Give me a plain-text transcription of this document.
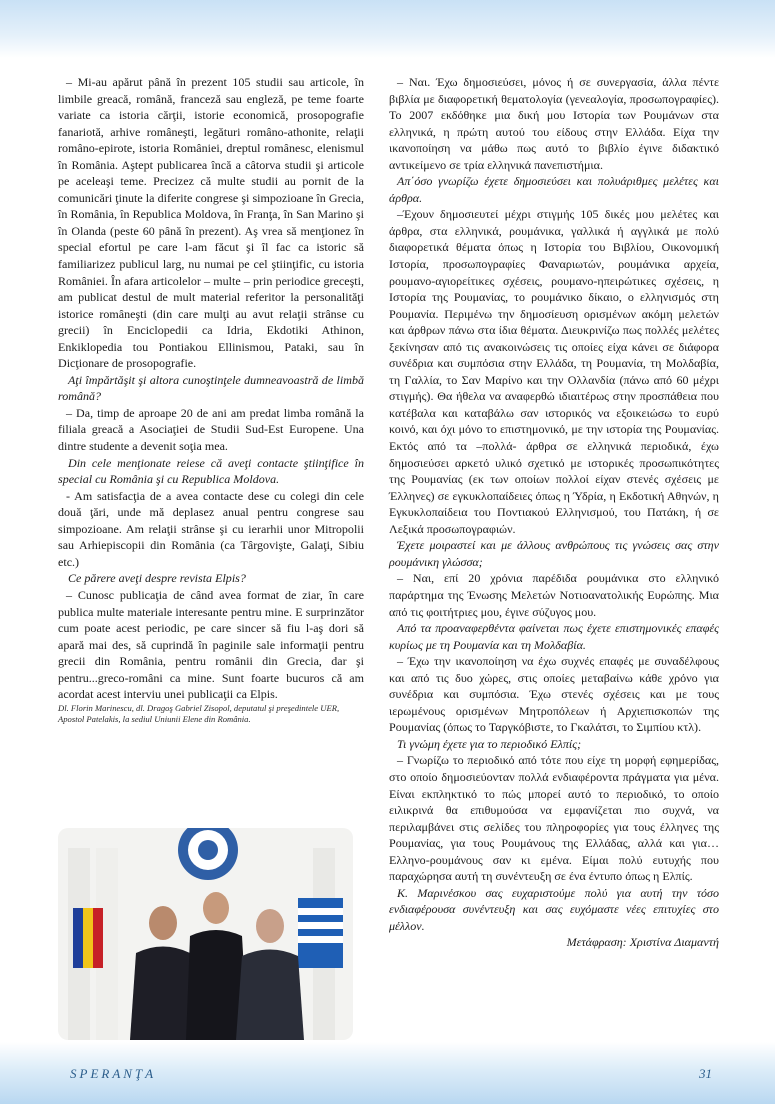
– Mi-au apărut până în prezent 105 studii sau articole, în limbile greacă, română, franceză sau engleză, pe teme foarte variate ca istoria cărţii, istorie economică, prosopografie fanariotă, arhive româneşti, legături româno-athonite, relaţii româno-epirote, istoria României, dreptul românesc, elenismul în România. Aştept publicarea încă a câtorva studii şi articole pe aceleaşi teme. Precizez că multe studii au pornit de la comunicări ţinute la diferite congrese şi simpozioane în Grecia, în România, în Republica Moldova, în Franţa, în San Marino şi în Olanda (peste 60 până în prezent). Aş vrea să menţionez în special efortul pe care l-am făcut şi îl fac ca istoric să familiarizez publicul larg, nu numai pe cel ştiinţific, cu istoria României. În afara articolelor – multe – prin periodice greceşti, am publicat destul de mult material referitor la personalităţi istorice româneşti (din care mulţi au avut relaţii strânse cu grecii) în Enciclopedii ca Idria, Ekdotiki Athinon, Enkiklopedia tou Pontiakou Ellinismou, Pataki, sau în Dicţionare de prosopografie.

Aţi împărtăşit şi altora cunoştinţele dumneavoastră de limbă română?

– Da, timp de aproape 20 de ani am predat limba română la filiala greacă a Asociaţiei de Studii Sud-Est Europene. Una dintre studente a devenit soţia mea.

Din cele menţionate reiese că aveţi contacte ştiinţifice în special cu România şi cu Republica Moldova.

- Am satisfacţia de a avea contacte dese cu colegi din cele două ţări, unde mă deplasez anual pentru congrese sau simpozioane. Am relaţii strânse şi cu ierarhii unor Mitropolii sau Arhiepiscopii din România (ca Târgovişte, Galaţi, Sibiu etc.)

Ce părere aveţi despre revista Elpis?

– Cunosc publicaţia de când avea format de ziar, în care publica multe materiale interesante pentru mine. E surprinzător cum poate acest periodic, pe care sincer să fiu l-aş dori să apară mai des, să cuprindă în paginile sale informaţii pentru grecii din România, pentru românii din Grecia, dar şi pentru...greco-români ca mine. Sunt foarte bucuros că am acordat acest interviu unei publicaţii ca Elpis.

Dl. Florin Marinescu, dl. Dragoş Gabriel Zisopol, deputatul şi preşedintele UER, Apostol Patelakis, la sediul Uniunii Elene din România.

– Ναι. Έχω δημοσιεύσει, μόνος ή σε συνεργασία, άλλα πέντε βιβλία με διαφορετική θεματολογία (γενεαλογία, προσωπογραφίες). Το 2007 εκδόθηκε μια δική μου Ιστορία των Ρουμάνων στα ελληνικά, η πρώτη αυτού του είδους στην Ελλάδα. Είχα την ικανοποίηση να μάθω πως αυτό το βιβλίο έγινε διδακτικό αντικείμενο σε τρία ελληνικά πανεπιστήμια.

Απ΄όσο γνωρίζω έχετε δημοσιεύσει και πολυάριθμες μελέτες και άρθρα.

–Έχουν δημοσιευτεί μέχρι στιγμής 105 δικές μου μελέτες και άρθρα, στα ελληνικά, ρουμάνικα, γαλλικά ή αγγλικά με πολύ διαφορετικά θέματα όπως η Ιστορία του Βιβλίου, Οικονομική Ιστορία, προσωπογραφίες Φαναριωτών, ρουμάνικα αρχεία, ρουμανο-αγιορείτικες σχέσεις, ρουμανο-ηπειρώτικες σχέσεις, η Ιστορία της Ρουμανίας, το ρουμάνικο δίκαιο, ο ελληνισμός στη Ρουμανία. Περιμένω την δημοσίευση ορισμένων ακόμη μελετών και άρθρων πάνω στα ίδια θέματα. Διευκρινίζω πως πολλές μελέτες ξεκίνησαν από τις ανακοινώσεις τις οποίες είχα κάνει σε διάφορα συνέδρια και συμπόσια στην Ελλάδα, τη Ρουμανία, τη Μολδαβία, τη Γαλλία, το Σαν Μαρίνο και την Ολλανδία (πάνω από 60 μέχρι στιγμής). Θα ήθελα να αναφερθώ ιδιαιτέρως στην προσπάθεια που κατέβαλα και καταβάλω σαν ιστορικός να εξοικειώσω το ευρύ κοινό, και όχι μόνο το επιστημονικό, με την ιστορία της Ρουμανίας. Εκτός από τα –πολλά- άρθρα σε ελληνικά περιοδικά, έχω δημοσιεύσει αρκετό υλικό σχετικό με ιστορικές προσωπικότητες της Ρουμανίας (εκ των οποίων πολλοί είχαν στενές σχέσεις με Έλληνες) σε εγκυκλοπαίδειες όπως η Ύδρία, η Εκδοτική Αθηνών, η Εγκυκλοπαίδεια του Ποντιακού Ελληνισμού, του Πατάκη, ή σε Λεξικά προσωπογραφιών.

Έχετε μοιραστεί και με άλλους ανθρώπους τις γνώσεις σας στην ρουμάνικη γλώσσα;

– Ναι, επί 20 χρόνια παρέδιδα ρουμάνικα στο ελληνικό παράρτημα της Ένωσης Μελετών Νοτιοανατολικής Ευρώπης. Μια από τις φοιτήτριες μου, έγινε σύζυγος μου.

Από τα προαναφερθέντα φαίνεται πως έχετε επιστημονικές επαφές κυρίως με τη Ρουμανία και τη Μολδαβία.

– Έχω την ικανοποίηση να έχω συχνές επαφές με συναδέλφους και από τις δυο χώρες, στις οποίες μεταβαίνω κάθε χρόνο για συνέδρια και συμπόσια. Έχω στενές σχέσεις και με τους ιερωμένους ορισμένων Μητροπόλεων ή Αρχιεπισκοπών της Ρουμανίας (όπως το Ταργκόβιστε, το Γκαλάτσι, το Σιμπίου κτλ).

Τι γνώμη έχετε για το περιοδικό Ελπίς;

– Γνωρίζω το περιοδικό από τότε που είχε τη μορφή εφημερίδας, στο οποίο δημοσιεύονταν πολλά ενδιαφέροντα πράγματα για μένα. Είναι εκπληκτικό το πώς μπορεί αυτό το περιοδικό, το οποίο ειλικρινά θα επιθυμούσα να εμφανίζεται πιο συχνά, να περιλαμβάνει στις σελίδες του πληροφορίες για τους έλληνες της Ρουμανίας, για τους Ρουμάνους της Ελλάδας, αλλά και για… Ελληνο-ρουμάνους σαν κι εμένα. Είμαι πολύ ευτυχής που παραχώρησα αυτή τη συνέντευξη σε ένα έντυπο όπως η Ελπίς.

Κ. Μαρινέσκου σας ευχαριστούμε πολύ για αυτή την τόσο ενδιαφέρουσα συνέντευξη και σας ευχόμαστε νέες επιτυχίες στο μέλλον.

Μετάφραση: Χριστίνα Διαμαντή

SPERANŢA	31
